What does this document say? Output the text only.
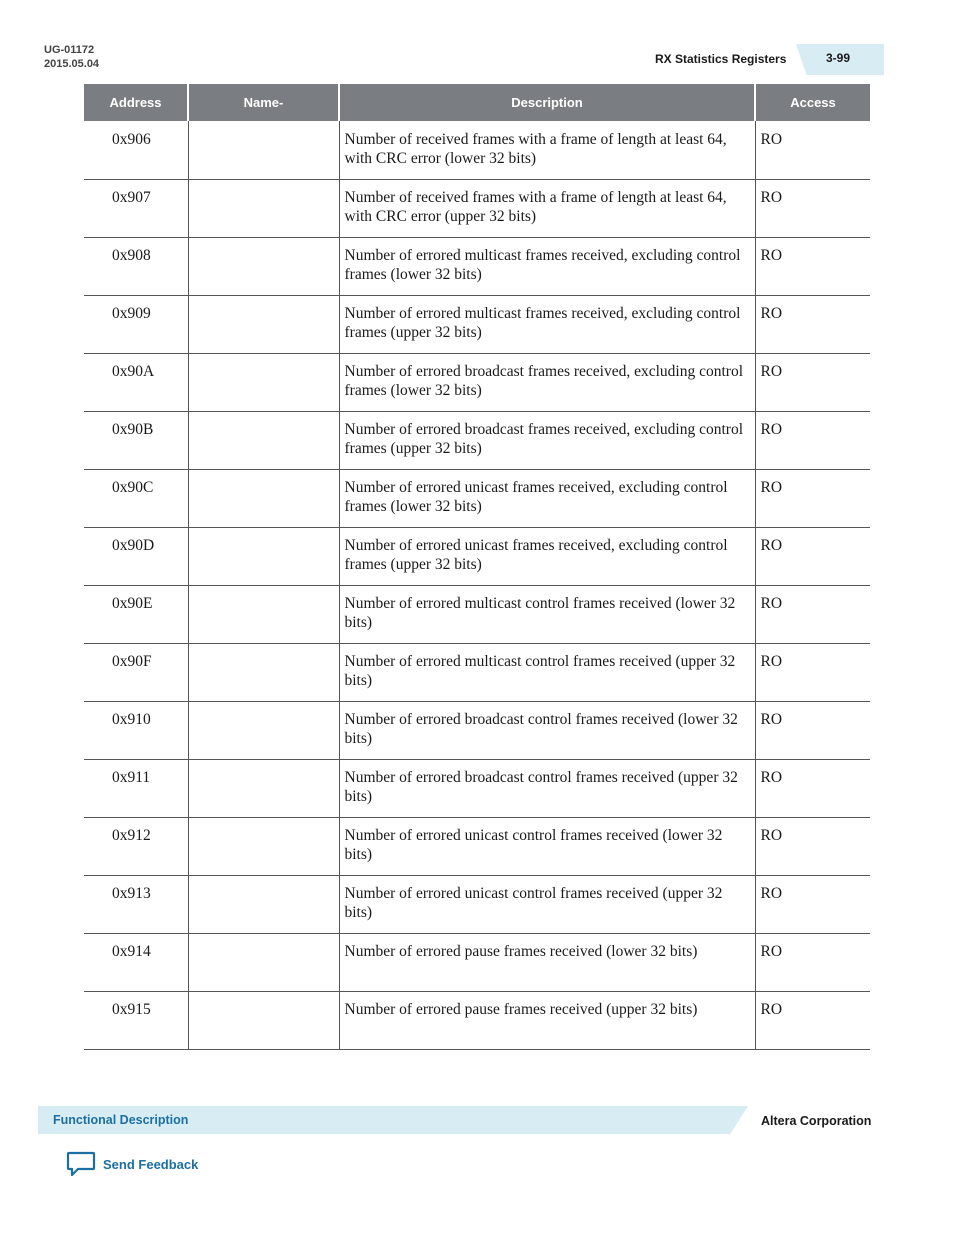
UG-01172
2015.05.04	RX Statistics Registers	3-99
Address	Name-	Description	Access
0x906		Number of received frames with a frame of length at least 64, with CRC error (lower 32 bits)	RO
0x907		Number of received frames with a frame of length at least 64, with CRC error (upper 32 bits)	RO
0x908		Number of errored multicast frames received, excluding control frames (lower 32 bits)	RO
0x909		Number of errored multicast frames received, excluding control frames (upper 32 bits)	RO
0x90A		Number of errored broadcast frames received, excluding control frames (lower 32 bits)	RO
0x90B		Number of errored broadcast frames received, excluding control frames (upper 32 bits)	RO
0x90C		Number of errored unicast frames received, excluding control frames (lower 32 bits)	RO
0x90D		Number of errored unicast frames received, excluding control frames (upper 32 bits)	RO
0x90E		Number of errored multicast control frames received (lower 32 bits)	RO
0x90F		Number of errored multicast control frames received (upper 32 bits)	RO
0x910		Number of errored broadcast control frames received (lower 32 bits)	RO
0x911		Number of errored broadcast control frames received (upper 32 bits)	RO
0x912		Number of errored unicast control frames received (lower 32 bits)	RO
0x913		Number of errored unicast control frames received (upper 32 bits)	RO
0x914		Number of errored pause frames received (lower 32 bits)	RO
0x915		Number of errored pause frames received (upper 32 bits)	RO
Functional Description	Altera Corporation
Send Feedback
